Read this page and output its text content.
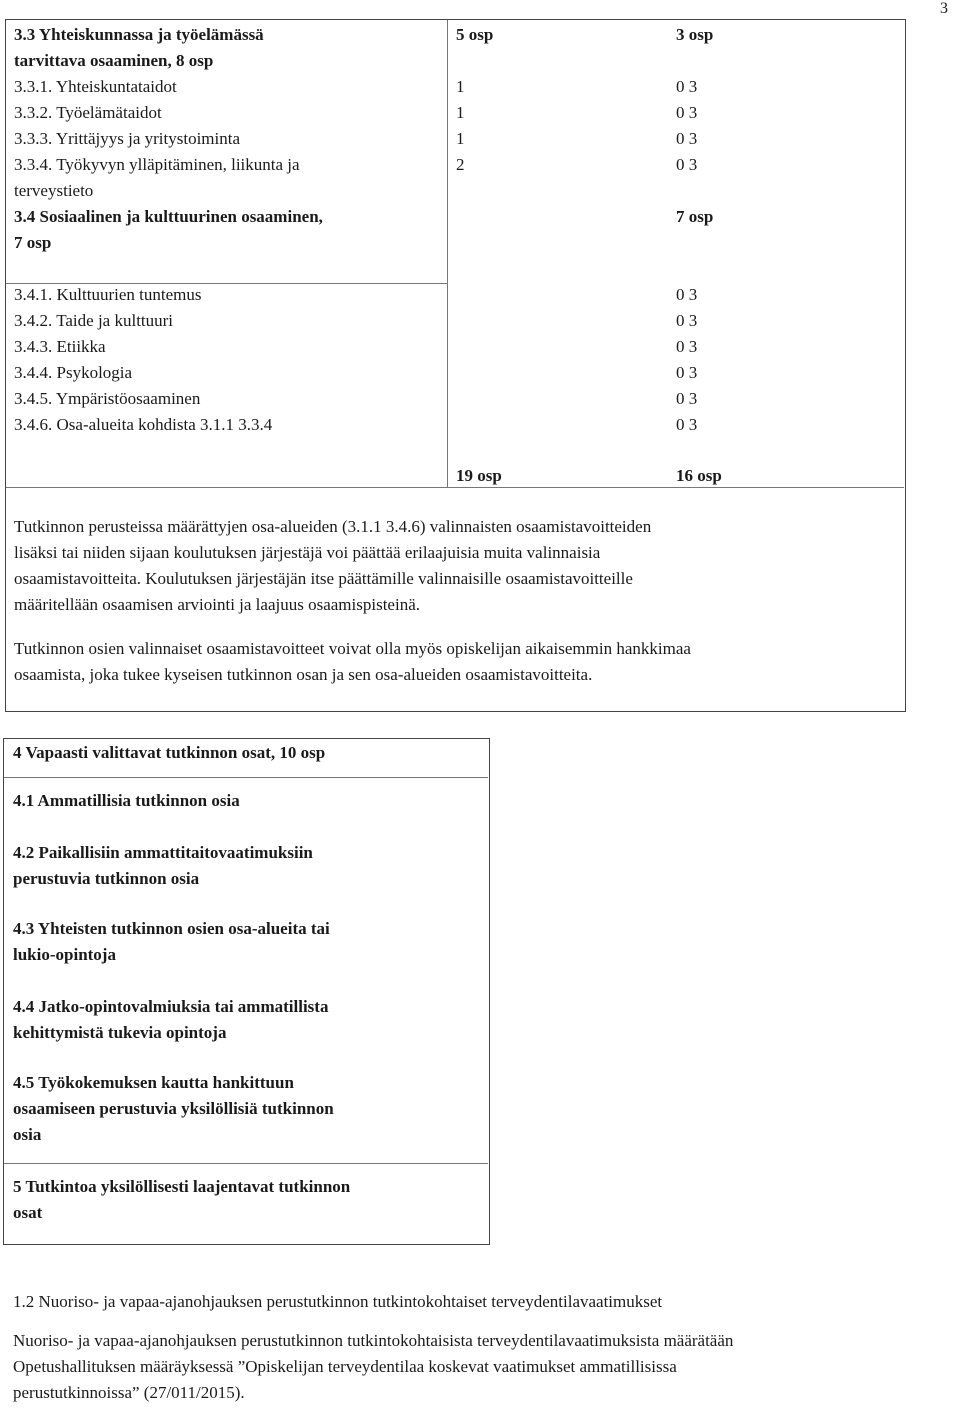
3
3.3 Yhteiskunnassa ja työelämässä
tarvittava osaaminen, 8 osp
3.3.1. Yhteiskuntataidot
3.3.2. Työelämätaidot
3.3.3. Yrittäjyys ja yritystoiminta
3.3.4. Työkyvyn ylläpitäminen, liikunta ja
terveystieto
3.4 Sosiaalinen ja kulttuurinen osaaminen,
7 osp
3.4.1. Kulttuurien tuntemus
3.4.2. Taide ja kulttuuri
3.4.3. Etiikka
3.4.4. Psykologia
3.4.5. Ympäristöosaaminen
3.4.6. Osa-alueita kohdista 3.1.1 3.3.4
5 osp
1
1
1
2
3 osp
0 3
0 3
0 3
0 3
7 osp
0 3
0 3
0 3
0 3
0 3
0 3
19 osp	16 osp
Tutkinnon perusteissa määrättyjen osa-alueiden (3.1.1 3.4.6) valinnaisten osaamistavoitteiden
lisäksi tai niiden sijaan koulutuksen järjestäjä voi päättää erilaajuisia muita valinnaisia
osaamistavoitteita. Koulutuksen järjestäjän itse päättämille valinnaisille osaamistavoitteille
määritellään osaamisen arviointi ja laajuus osaamispisteinä.
Tutkinnon osien valinnaiset osaamistavoitteet voivat olla myös opiskelijan aikaisemmin hankkimaa
osaamista, joka tukee kyseisen tutkinnon osan ja sen osa-alueiden osaamistavoitteita.
4 Vapaasti valittavat tutkinnon osat, 10 osp
4.1 Ammatillisia tutkinnon osia
4.2 Paikallisiin ammattitaitovaatimuksiin
perustuvia tutkinnon osia
4.3 Yhteisten tutkinnon osien osa-alueita tai
lukio-opintoja
4.4 Jatko-opintovalmiuksia tai ammatillista
kehittymistä tukevia opintoja
4.5 Työkokemuksen kautta hankittuun
osaamiseen perustuvia yksilöllisiä tutkinnon
osia
5 Tutkintoa yksilöllisesti laajentavat tutkinnon
osat
1.2 Nuoriso- ja vapaa-ajanohjauksen perustutkinnon tutkintokohtaiset terveydentilavaatimukset
Nuoriso- ja vapaa-ajanohjauksen perustutkinnon tutkintokohtaisista terveydentilavaatimuksista määrätään
Opetushallituksen määräyksessä ”Opiskelijan terveydentilaa koskevat vaatimukset ammatillisissa
perustutkinnoissa” (27/011/2015).
